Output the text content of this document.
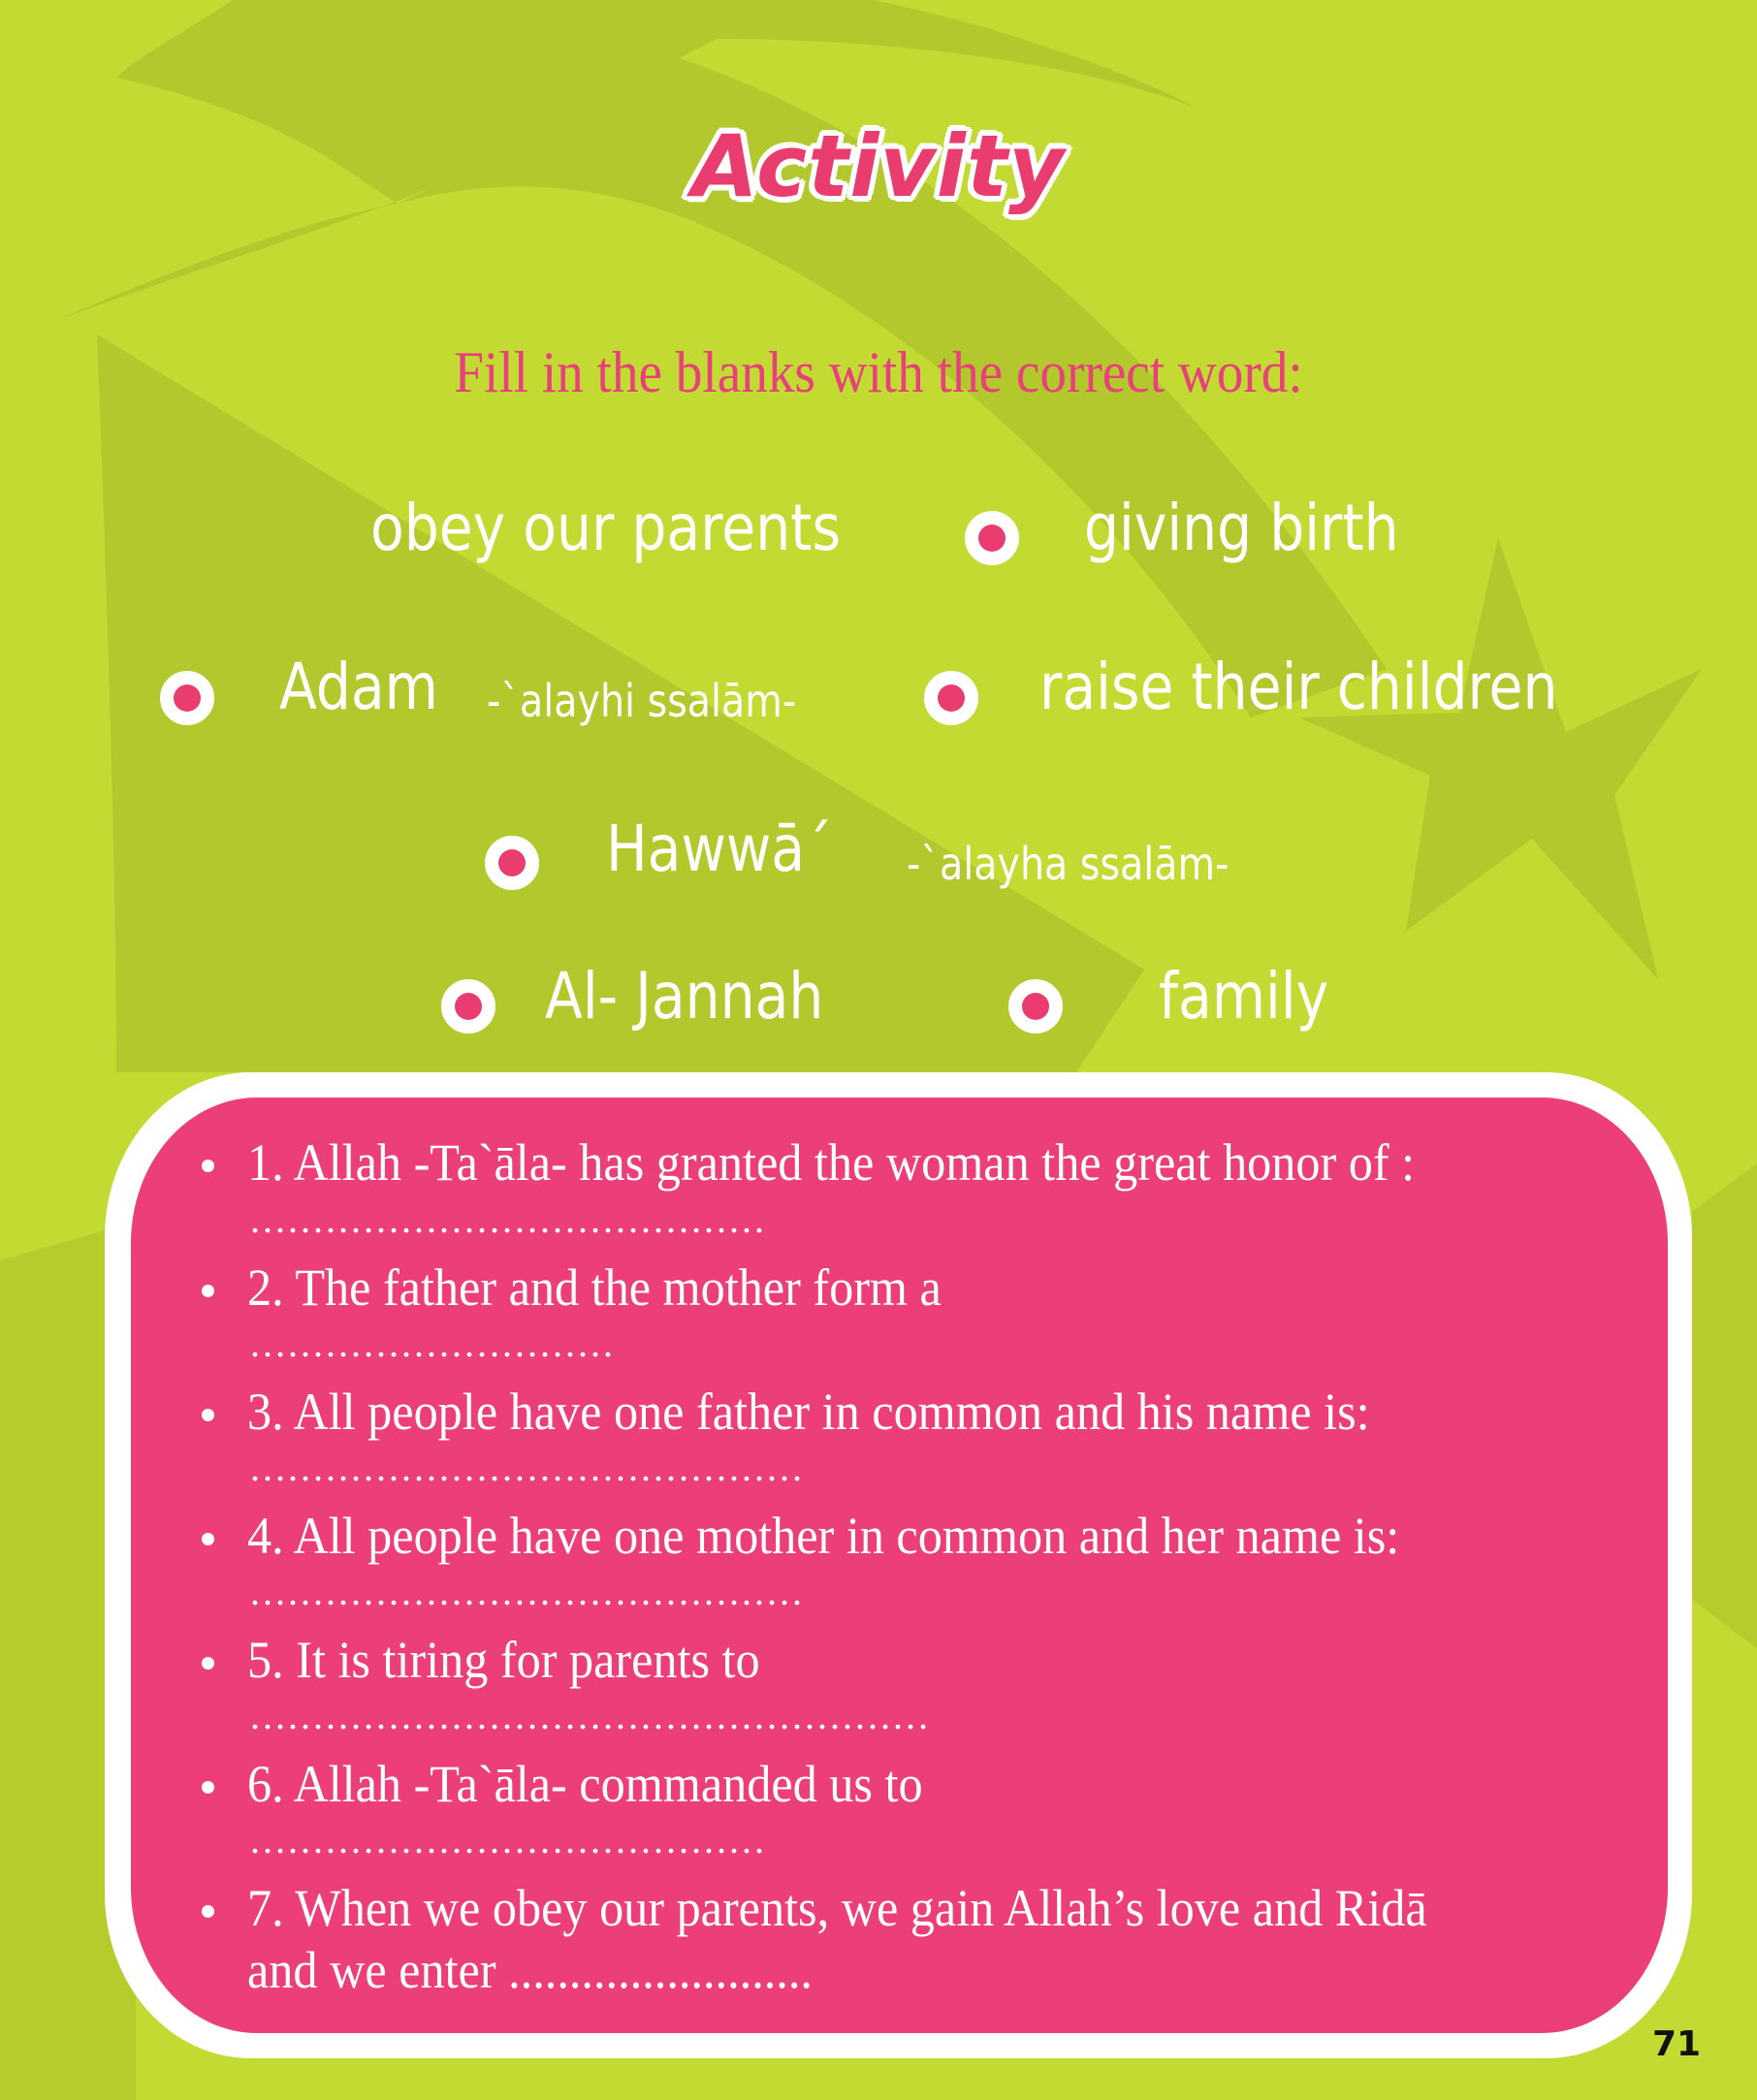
Activity
Fill in the blanks with the correct word:
obey our parents	giving birth
Adam -`alayhi ssalām-	raise their children
Hawwā´ -`alayha ssalām-
Al- Jannah	family
1. Allah -Ta`āla- has granted the woman the great honor of :
.........................................
2. The father and the mother form a
.............................
3. All people have one father in common and his name is:
............................................
4. All people have one mother in common and her name is:
............................................
5. It is tiring for parents to
......................................................
6. Allah -Ta`āla- commanded us to
.........................................
7. When we obey our parents, we gain Allah’s love and Ridā
and we enter .........................
71
